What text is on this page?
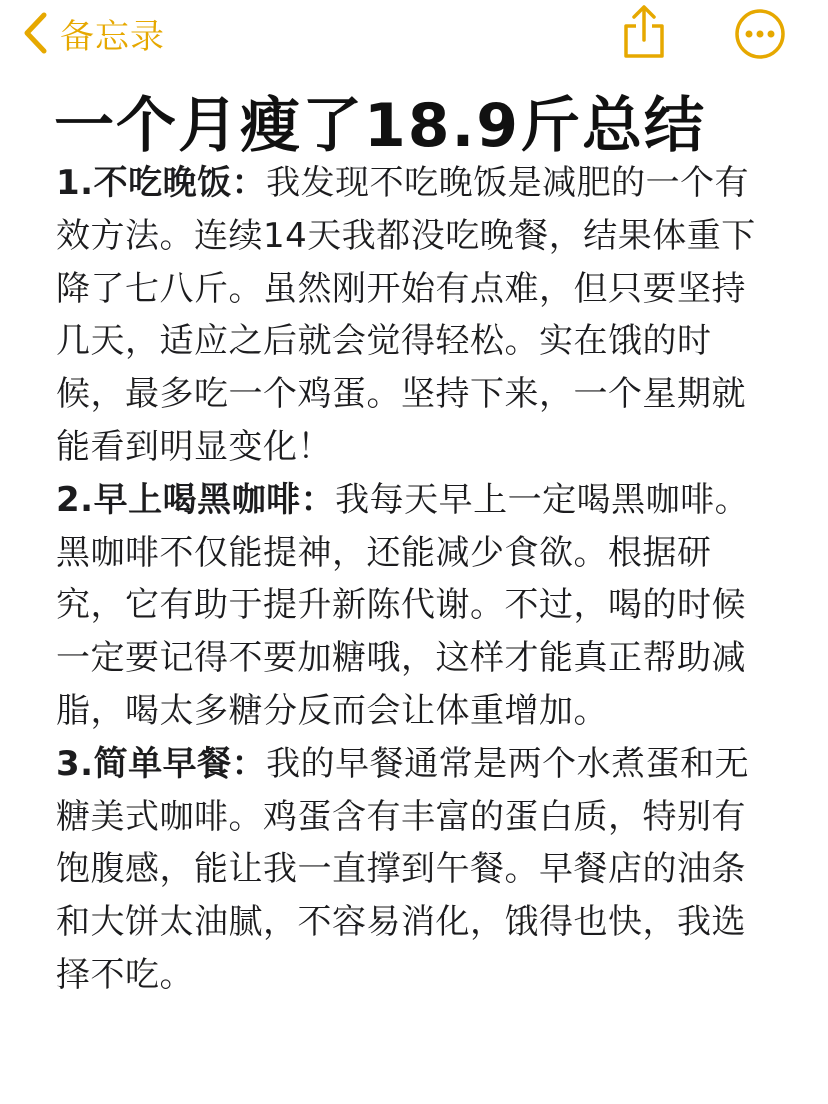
备忘录
一个月瘦了18.9斤总结

1.不吃晚饭：我发现不吃晚饭是减肥的一个有效方法。连续14天我都没吃晚餐，结果体重下降了七八斤。虽然刚开始有点难，但只要坚持几天，适应之后就会觉得轻松。实在饿的时候，最多吃一个鸡蛋。坚持下来，一个星期就能看到明显变化！

2.早上喝黑咖啡：我每天早上一定喝黑咖啡。黑咖啡不仅能提神，还能减少食欲。根据研究，它有助于提升新陈代谢。不过，喝的时候一定要记得不要加糖哦，这样才能真正帮助减脂，喝太多糖分反而会让体重增加。

3.简单早餐：我的早餐通常是两个水煮蛋和无糖美式咖啡。鸡蛋含有丰富的蛋白质，特别有饱腹感，能让我一直撑到午餐。早餐店的油条和大饼太油腻，不容易消化，饿得也快，我选择不吃。
